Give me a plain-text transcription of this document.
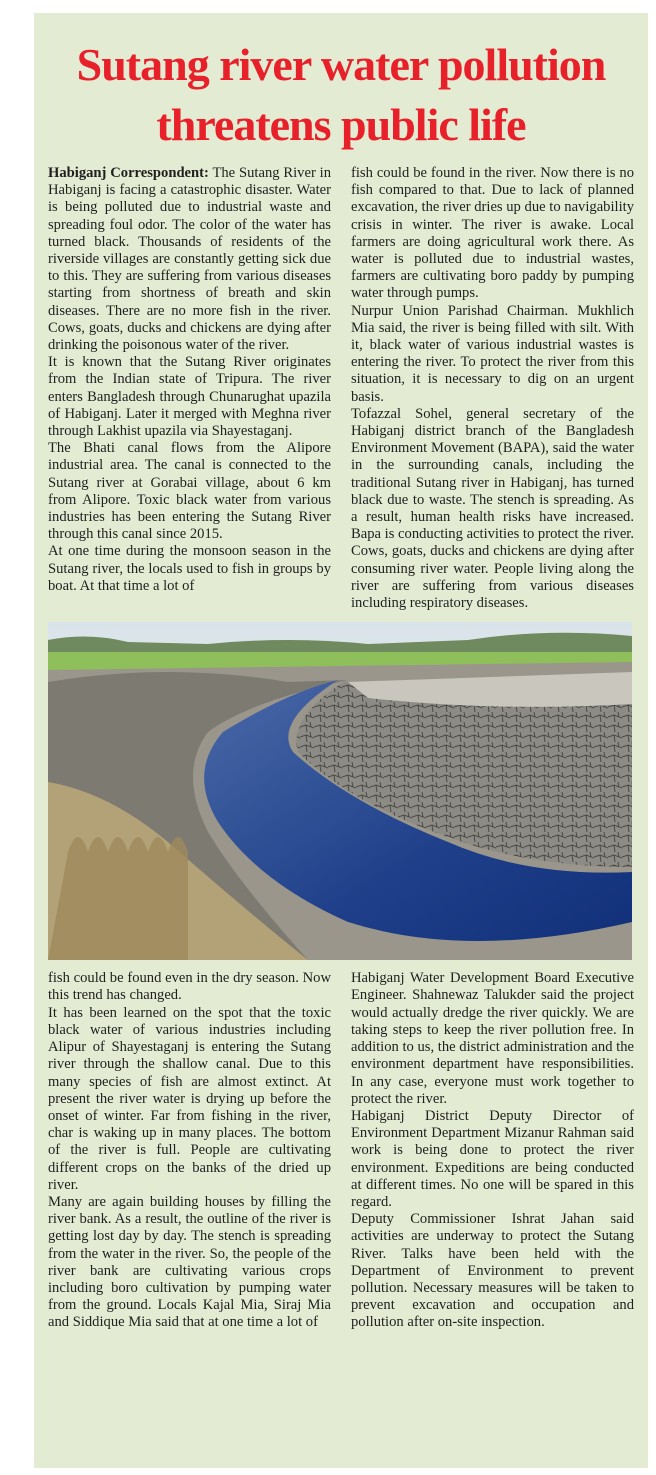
Sutang river water pollution
threatens public life

Habiganj Correspondent: The Sutang River in Habiganj is facing a catastrophic disaster. Water is being polluted due to industrial waste and spreading foul odor. The color of the water has turned black. Thousands of residents of the riverside villages are constantly getting sick due to this. They are suffering from various diseases starting from shortness of breath and skin diseases. There are no more fish in the river. Cows, goats, ducks and chickens are dying after drinking the poisonous water of the river.

It is known that the Sutang River originates from the Indian state of Tripura. The river enters Bangladesh through Chunarughat upazila of Habiganj. Later it merged with Meghna river through Lakhist upazila via Shayestaganj.

The Bhati canal flows from the Alipore industrial area. The canal is connected to the Sutang river at Gorabai village, about 6 km from Alipore. Toxic black water from various industries has been entering the Sutang River through this canal since 2015.

At one time during the monsoon season in the Sutang river, the locals used to fish in groups by boat. At that time a lot of

fish could be found in the river. Now there is no fish compared to that. Due to lack of planned excavation, the river dries up due to navigability crisis in winter. The river is awake. Local farmers are doing agricultural work there. As water is polluted due to industrial wastes, farmers are cultivating boro paddy by pumping water through pumps.

Nurpur Union Parishad Chairman. Mukhlich Mia said, the river is being filled with silt. With it, black water of various industrial wastes is entering the river. To protect the river from this situation, it is necessary to dig on an urgent basis.

Tofazzal Sohel, general secretary of the Habiganj district branch of the Bangladesh Environment Movement (BAPA), said the water in the surrounding canals, including the traditional Sutang river in Habiganj, has turned black due to waste. The stench is spreading. As a result, human health risks have increased. Bapa is conducting activities to protect the river. Cows, goats, ducks and chickens are dying after consuming river water. People living along the river are suffering from various diseases including respiratory diseases.

fish could be found even in the dry season. Now this trend has changed.

It has been learned on the spot that the toxic black water of various industries including Alipur of Shayestaganj is entering the Sutang river through the shallow canal. Due to this many species of fish are almost extinct. At present the river water is drying up before the onset of winter. Far from fishing in the river, char is waking up in many places. The bottom of the river is full. People are cultivating different crops on the banks of the dried up river.

Many are again building houses by filling the river bank. As a result, the outline of the river is getting lost day by day. The stench is spreading from the water in the river. So, the people of the river bank are cultivating various crops including boro cultivation by pumping water from the ground. Locals Kajal Mia, Siraj Mia and Siddique Mia said that at one time a lot of

Habiganj Water Development Board Executive Engineer. Shahnewaz Talukder said the project would actually dredge the river quickly. We are taking steps to keep the river pollution free. In addition to us, the district administration and the environment department have responsibilities. In any case, everyone must work together to protect the river.

Habiganj District Deputy Director of Environment Department Mizanur Rahman said work is being done to protect the river environment. Expeditions are being conducted at different times. No one will be spared in this regard.

Deputy Commissioner Ishrat Jahan said activities are underway to protect the Sutang River. Talks have been held with the Department of Environment to prevent pollution. Necessary measures will be taken to prevent excavation and occupation and pollution after on-site inspection.
